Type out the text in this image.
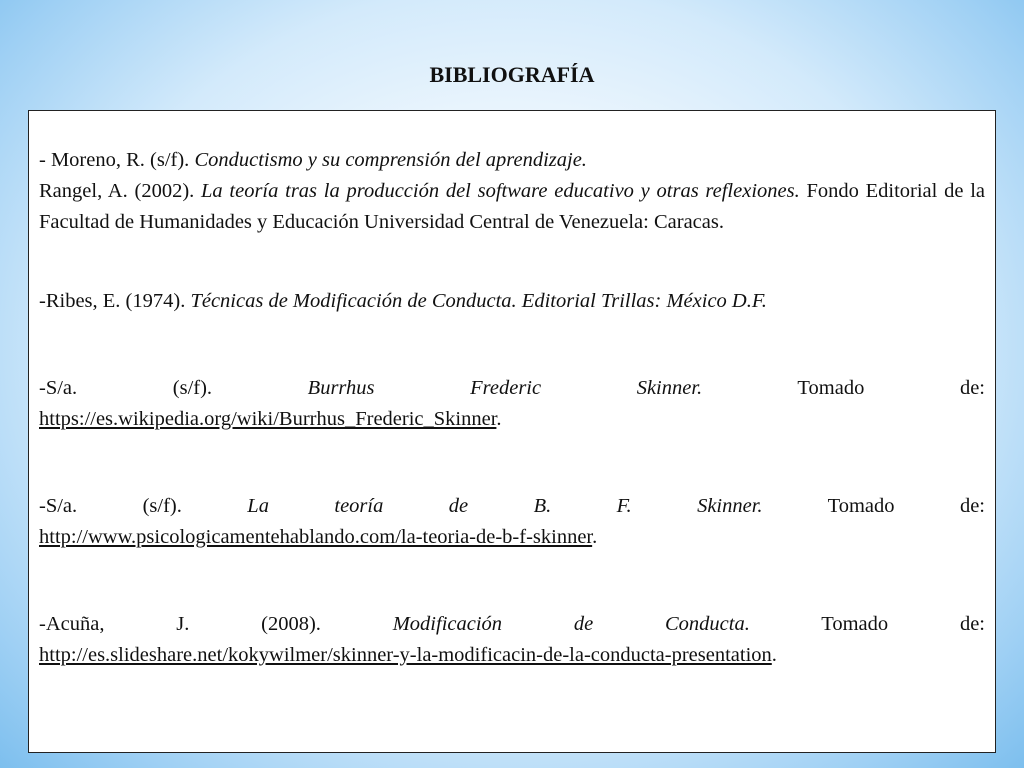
BIBLIOGRAFÍA

- Moreno, R. (s/f). Conductismo y su comprensión del aprendizaje.

Rangel, A. (2002). La teoría tras la producción del software educativo y otras reflexiones. Fondo Editorial de la Facultad de Humanidades y Educación Universidad Central de Venezuela: Caracas.

-Ribes, E. (1974). Técnicas de Modificación de Conducta. Editorial Trillas: México D.F.

-S/a. (s/f). Burrhus Frederic Skinner. Tomado de:
https://es.wikipedia.org/wiki/Burrhus_Frederic_Skinner.

-S/a. (s/f). La teoría de B. F. Skinner. Tomado de:
http://www.psicologicamentehablando.com/la-teoria-de-b-f-skinner.

-Acuña, J. (2008). Modificación de Conducta. Tomado de:
http://es.slideshare.net/kokywilmer/skinner-y-la-modificacin-de-la-conducta-presentation.
